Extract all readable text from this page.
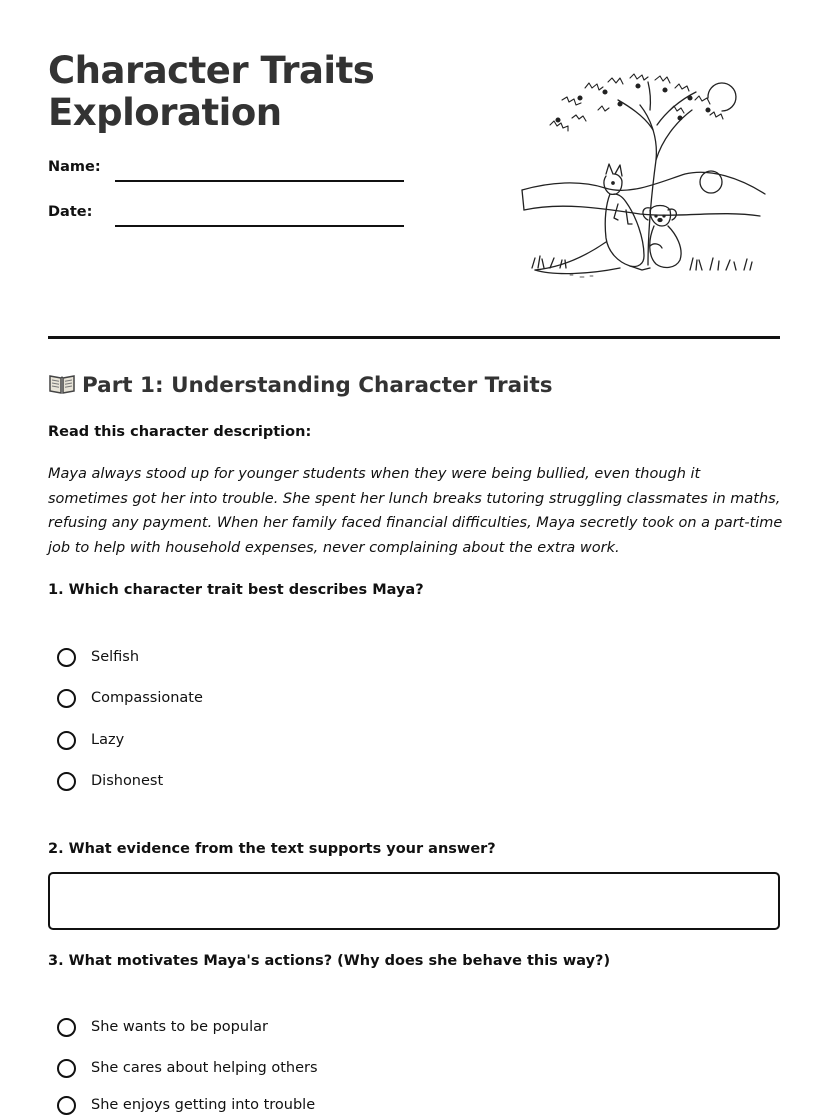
Character Traits
Exploration
Name:
Date:
Part 1: Understanding Character Traits
Read this character description:

Maya always stood up for younger students when they were being bullied, even though it sometimes got her into trouble. She spent her lunch breaks tutoring struggling classmates in maths, refusing any payment. When her family faced financial difficulties, Maya secretly took on a part-time job to help with household expenses, never complaining about the extra work.

1. Which character trait best describes Maya?
Selfish
Compassionate
Lazy
Dishonest
2. What evidence from the text supports your answer?
3. What motivates Maya's actions? (Why does she behave this way?)
She wants to be popular
She cares about helping others
She enjoys getting into trouble
